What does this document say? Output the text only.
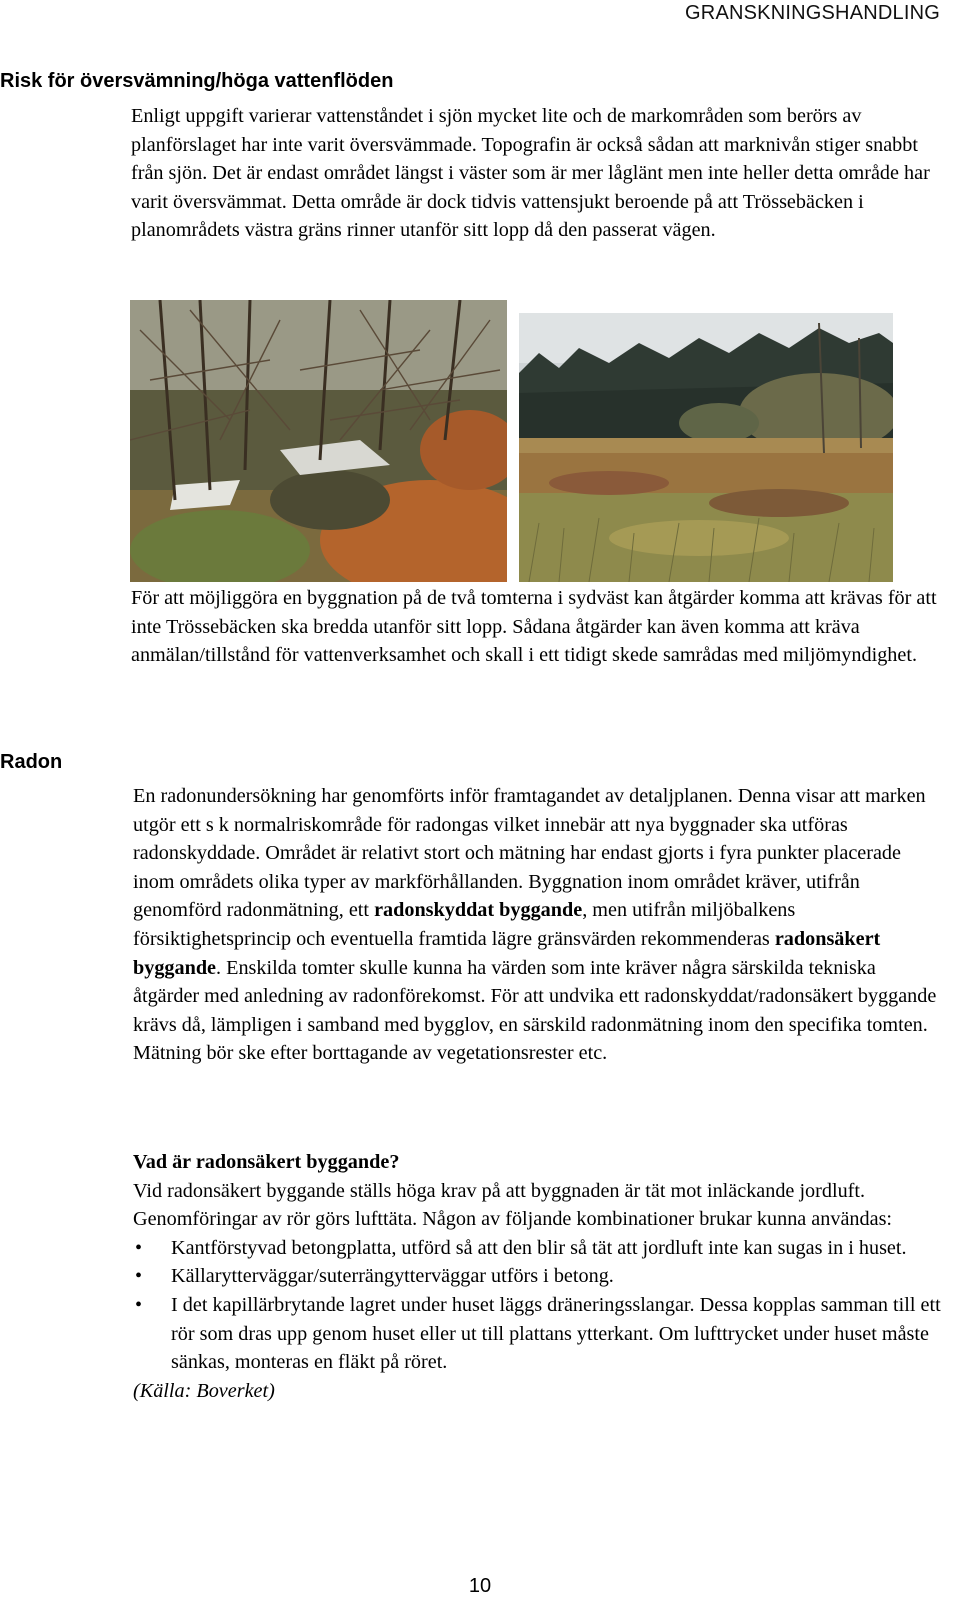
GRANSKNINGSHANDLING
Risk för översvämning/höga vattenflöden
Enligt uppgift varierar vattenståndet i sjön mycket lite och de markområden som berörs av planförslaget har inte varit översvämmade. Topografin är också sådan att marknivån stiger snabbt från sjön. Det är endast området längst i väster som är mer låglänt men inte heller detta område har varit översvämmat. Detta område är dock tidvis vattensjukt beroende på att Trössebäcken i planområdets västra gräns rinner utanför sitt lopp då den passerat vägen.
För att möjliggöra en byggnation på de två tomterna i sydväst kan åtgärder komma att krävas för att inte Trössebäcken ska bredda utanför sitt lopp. Sådana åtgärder kan även komma att kräva anmälan/tillstånd för vattenverksamhet och skall i ett tidigt skede samrådas med miljömyndighet.
Radon
En radonundersökning har genomförts inför framtagandet av detaljplanen. Denna visar att marken utgör ett s k normalriskområde för radongas vilket innebär att nya byggnader ska utföras radonskyddade. Området är relativt stort och mätning har endast gjorts i fyra punkter placerade inom områdets olika typer av markförhållanden. Byggnation inom området kräver, utifrån genomförd radonmätning, ett radonskyddat byggande, men utifrån miljöbalkens försiktighetsprincip och eventuella framtida lägre gränsvärden rekommenderas radonsäkert byggande. Enskilda tomter skulle kunna ha värden som inte kräver några särskilda tekniska åtgärder med anledning av radonförekomst. För att undvika ett radonskyddat/radonsäkert byggande krävs då, lämpligen i samband med bygglov, en särskild radonmätning inom den specifika tomten. Mätning bör ske efter borttagande av vegetationsrester etc.
Vad är radonsäkert byggande?
Vid radonsäkert byggande ställs höga krav på att byggnaden är tät mot inläckande jordluft. Genomföringar av rör görs lufttäta. Någon av följande kombinationer brukar kunna användas:
• Kantförstyvad betongplatta, utförd så att den blir så tät att jordluft inte kan sugas in i huset.
• Källarytterväggar/suterrängytterväggar utförs i betong.
• I det kapillärbrytande lagret under huset läggs dräneringsslangar. Dessa kopplas samman till ett rör som dras upp genom huset eller ut till plattans ytterkant. Om lufttrycket under huset måste sänkas, monteras en fläkt på röret.
(Källa: Boverket)
10
